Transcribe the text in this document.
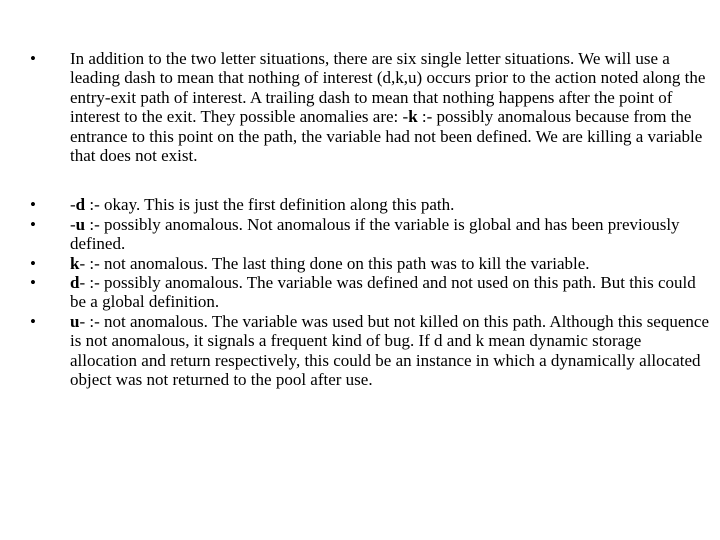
• In addition to the two letter situations, there are six single letter situations. We will use a leading dash to mean that nothing of interest (d,k,u) occurs prior to the action noted along the entry-exit path of interest. A trailing dash to mean that nothing happens after the point of interest to the exit. They possible anomalies are: -k :- possibly anomalous because from the entrance to this point on the path, the variable had not been defined. We are killing a variable that does not exist.
• -d :- okay. This is just the first definition along this path.
• -u :- possibly anomalous. Not anomalous if the variable is global and has been previously defined.
• k- :- not anomalous. The last thing done on this path was to kill the variable.
• d- :- possibly anomalous. The variable was defined and not used on this path. But this could be a global definition.
• u- :- not anomalous. The variable was used but not killed on this path. Although this sequence is not anomalous, it signals a frequent kind of bug. If d and k mean dynamic storage allocation and return respectively, this could be an instance in which a dynamically allocated object was not returned to the pool after use.
